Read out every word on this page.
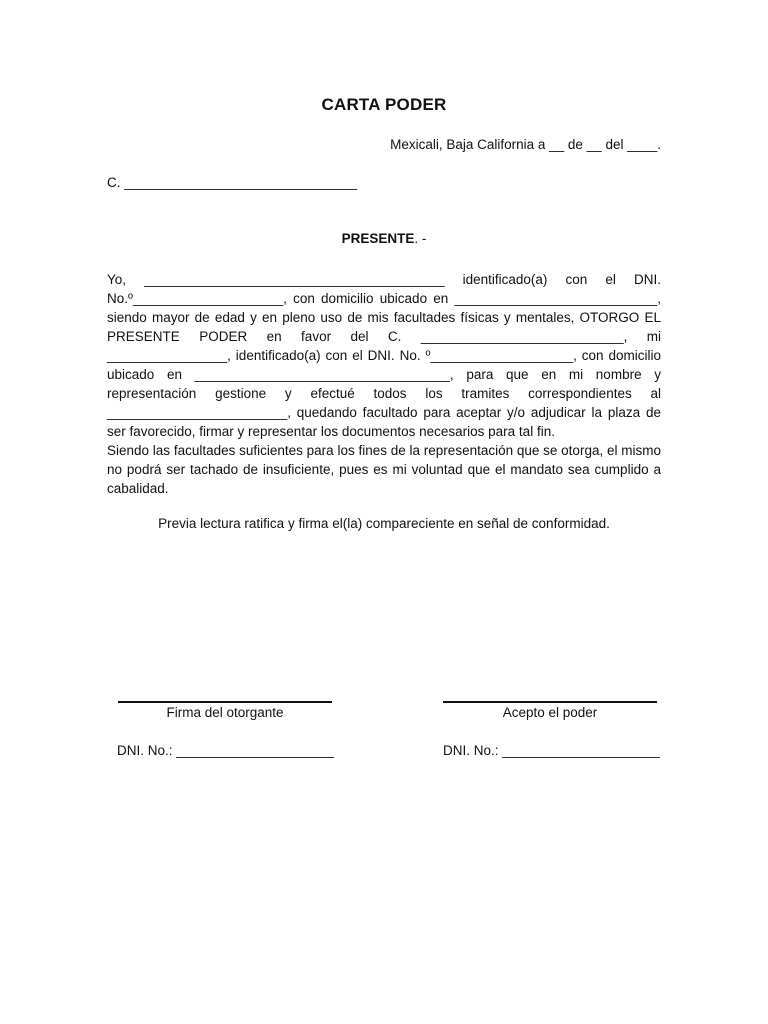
CARTA PODER
Mexicali, Baja California a __ de __ del ____.
C. _______________________________
PRESENTE. -

Yo, ________________________________________ identificado(a) con el DNI. No.º____________________, con domicilio ubicado en ___________________________, siendo mayor de edad y en pleno uso de mis facultades físicas y mentales, OTORGO EL PRESENTE PODER en favor del C. ___________________________, mi ________________, identificado(a) con el DNI. No. º___________________, con domicilio ubicado en __________________________________, para que en mi nombre y representación gestione y efectué todos los tramites correspondientes al ________________________, quedando facultado para aceptar y/o adjudicar la plaza de ser favorecido, firmar y representar los documentos necesarios para tal fin.

Siendo las facultades suficientes para los fines de la representación que se otorga, el mismo no podrá ser tachado de insuficiente, pues es mi voluntad que el mandato sea cumplido a cabalidad.

Previa lectura ratifica y firma el(la) compareciente en señal de conformidad.
Firma del otorgante	Acepto el poder
DNI. No.: _____________________	DNI. No.: _____________________
